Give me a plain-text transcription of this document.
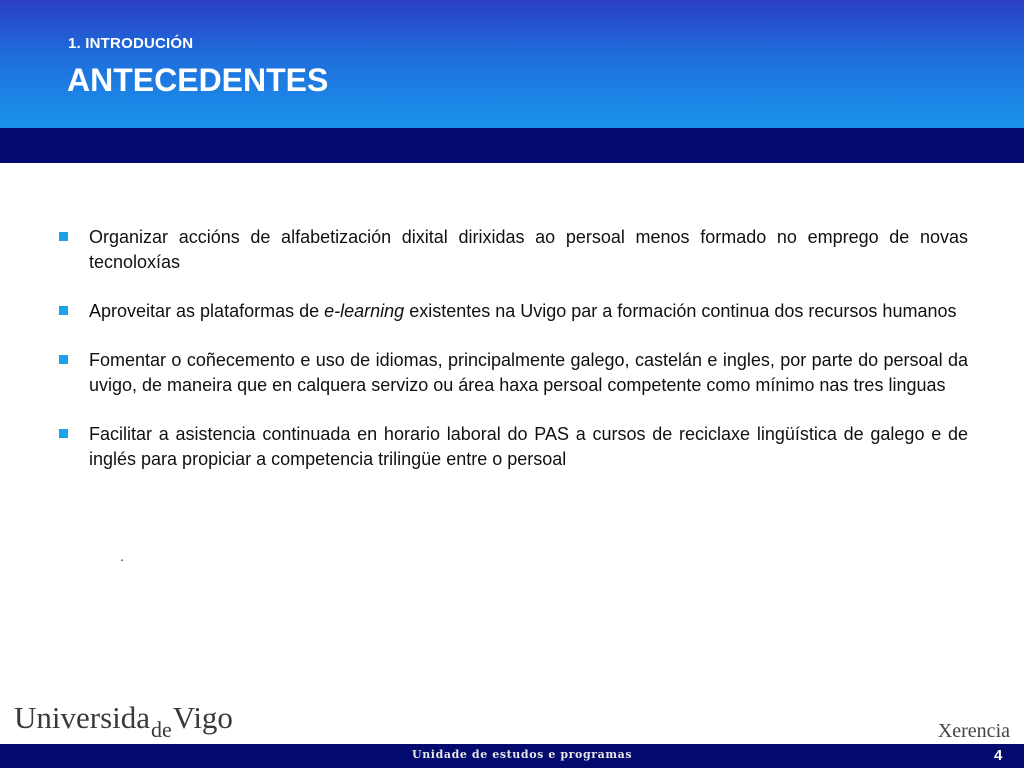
1. INTRODUCIÓN
ANTECEDENTES
Organizar accións de alfabetización dixital dirixidas ao persoal menos formado no emprego de novas tecnoloxías
Aproveitar as plataformas de e-learning existentes na Uvigo par a formación continua dos recursos humanos
Fomentar o coñecemento e uso de idiomas, principalmente galego, castelán e ingles, por parte do persoal da uvigo, de maneira que en calquera servizo ou área haxa persoal competente como mínimo nas tres linguas
Facilitar a asistencia continuada en horario laboral do PAS a cursos de reciclaxe lingüística de galego e de inglés para propiciar a competencia trilingüe entre o persoal
.
UniversidadeVigo	Xerencia
Unidade de estudos e programas	4
